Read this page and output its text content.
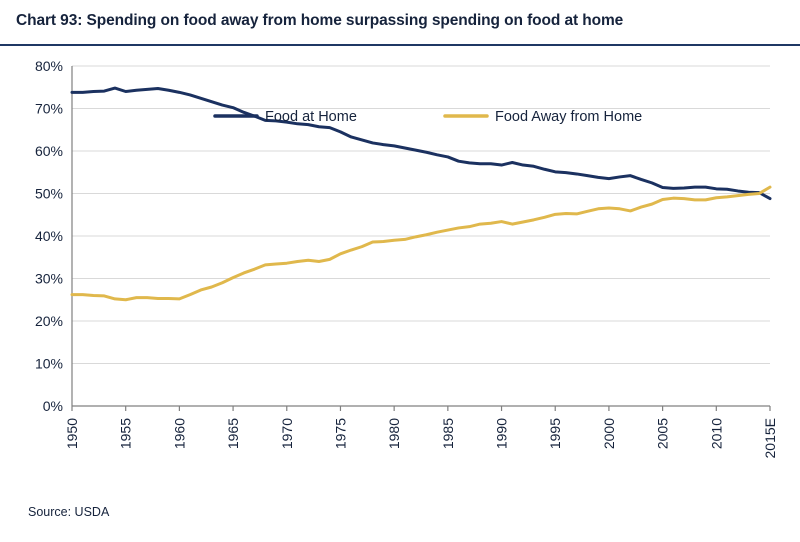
Chart 93: Spending on food away from home surpassing spending on food at home
0%
10%
20%
30%
40%
50%
60%
70%
80%
1950	1955	1960	1965	1970	1975	1980	1985	1990	1995	2000	2005	2010	2015E
Food at Home	Food Away from Home
Source: USDA
